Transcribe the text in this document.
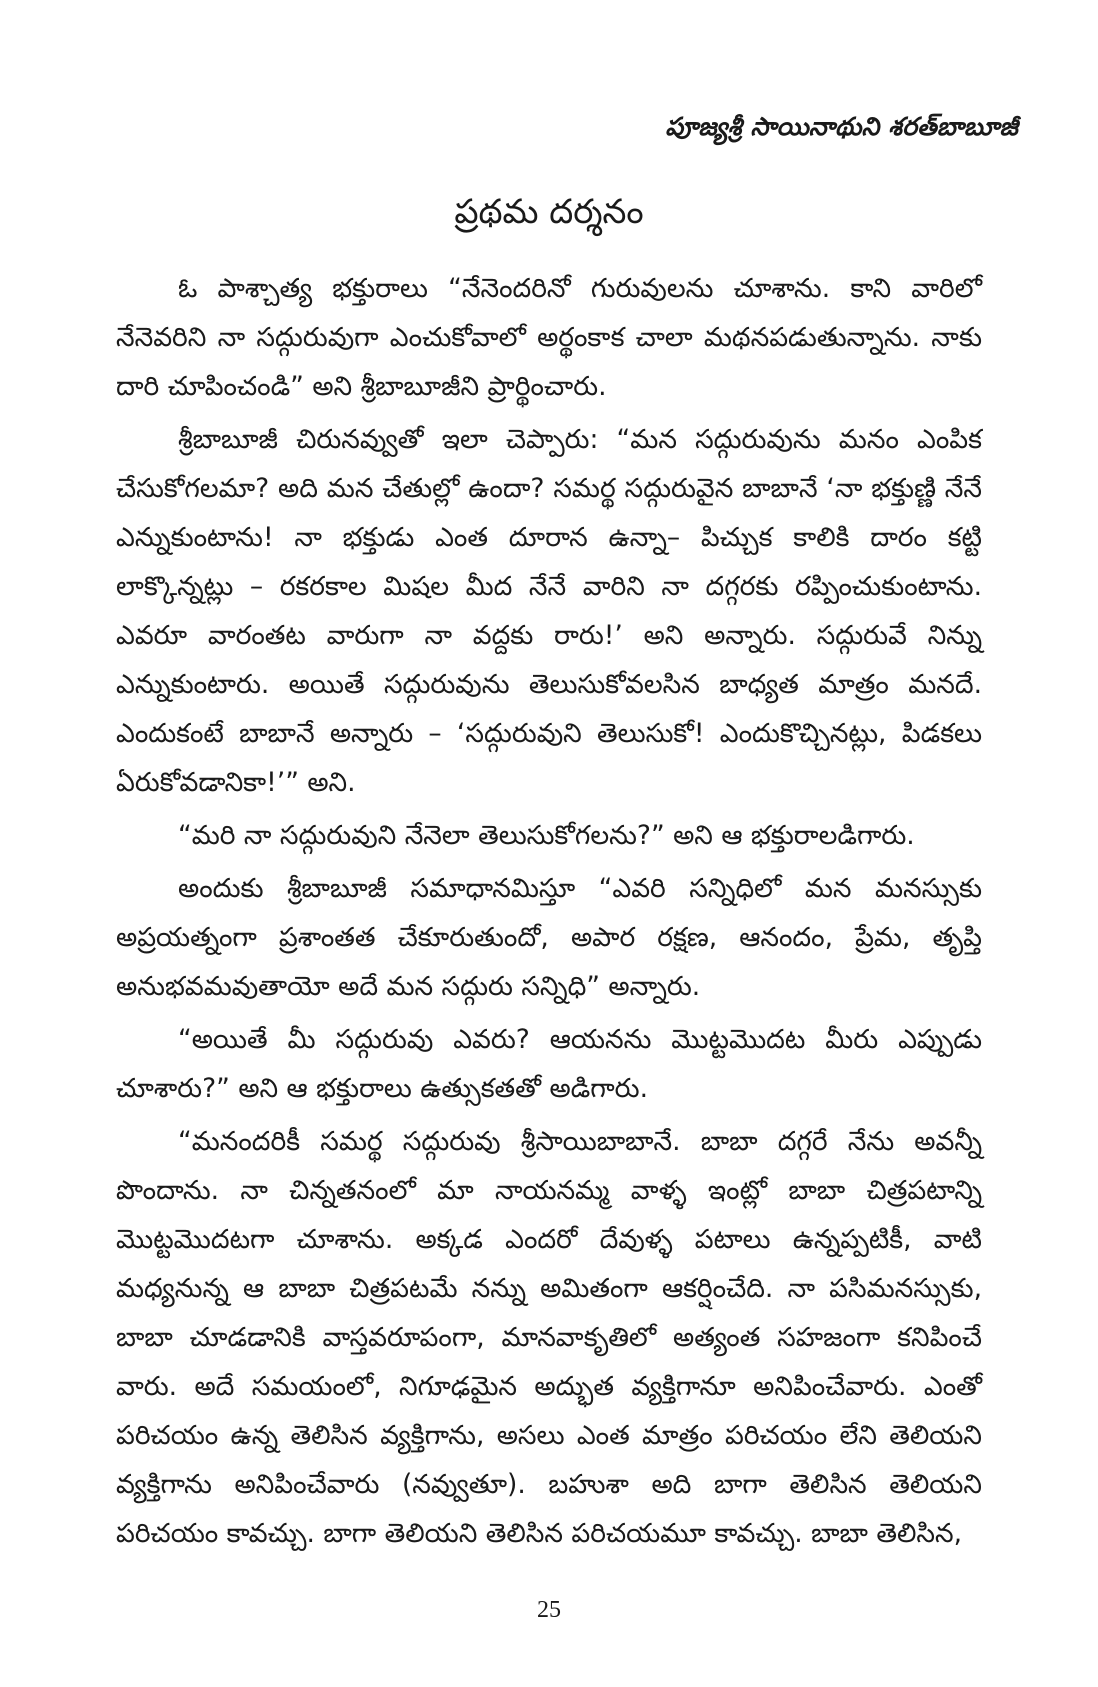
పూజ్యశ్రీ సాయినాథుని శరత్‌బాబూజీ
ప్రథమ దర్శనం

ఓ పాశ్చాత్య భక్తురాలు “నేనెందరినో గురువులను చూశాను. కాని వారిలో నేనెవరిని నా సద్గురువుగా ఎంచుకోవాలో అర్థంకాక చాలా మథనపడుతున్నాను. నాకు దారి చూపించండి” అని శ్రీబాబూజీని ప్రార్థించారు.

శ్రీబాబూజీ చిరునవ్వుతో ఇలా చెప్పారు: “మన సద్గురువును మనం ఎంపిక చేసుకోగలమా? అది మన చేతుల్లో ఉందా? సమర్థ సద్గురువైన బాబానే ‘నా భక్తుణ్ణి నేనే ఎన్నుకుంటాను! నా భక్తుడు ఎంత దూరాన ఉన్నా– పిచ్చుక కాలికి దారం కట్టి లాక్కొన్నట్లు – రకరకాల మిషల మీద నేనే వారిని నా దగ్గరకు రప్పించుకుంటాను. ఎవరూ వారంతట వారుగా నా వద్దకు రారు!’ అని అన్నారు. సద్గురువే నిన్ను ఎన్నుకుంటారు. అయితే సద్గురువును తెలుసుకోవలసిన బాధ్యత మాత్రం మనదే. ఎందుకంటే బాబానే అన్నారు – ‘సద్గురువుని తెలుసుకో! ఎందుకొచ్చినట్లు, పిడకలు ఏరుకోవడానికా!’” అని.

“మరి నా సద్గురువుని నేనెలా తెలుసుకోగలను?” అని ఆ భక్తురాలడిగారు.

అందుకు శ్రీబాబూజీ సమాధానమిస్తూ “ఎవరి సన్నిధిలో మన మనస్సుకు అప్రయత్నంగా ప్రశాంతత చేకూరుతుందో, అపార రక్షణ, ఆనందం, ప్రేమ, తృప్తి అనుభవమవుతాయో అదే మన సద్గురు సన్నిధి” అన్నారు.

“అయితే మీ సద్గురువు ఎవరు? ఆయనను మొట్టమొదట మీరు ఎప్పుడు చూశారు?” అని ఆ భక్తురాలు ఉత్సుకతతో అడిగారు.

“మనందరికీ సమర్థ సద్గురువు శ్రీసాయిబాబానే. బాబా దగ్గరే నేను అవన్నీ పొందాను. నా చిన్నతనంలో మా నాయనమ్మ వాళ్ళ ఇంట్లో బాబా చిత్రపటాన్ని మొట్టమొదటగా చూశాను. అక్కడ ఎందరో దేవుళ్ళ పటాలు ఉన్నప్పటికీ, వాటి మధ్యనున్న ఆ బాబా చిత్రపటమే నన్ను అమితంగా ఆకర్షించేది. నా పసిమనస్సుకు, బాబా చూడడానికి వాస్తవరూపంగా, మానవాకృతిలో అత్యంత సహజంగా కనిపించే వారు. అదే సమయంలో, నిగూఢమైన అద్భుత వ్యక్తిగానూ అనిపించేవారు. ఎంతో పరిచయం ఉన్న తెలిసిన వ్యక్తిగాను, అసలు ఎంత మాత్రం పరిచయం లేని తెలియని వ్యక్తిగాను అనిపించేవారు (నవ్వుతూ). బహుశా అది బాగా తెలిసిన తెలియని పరిచయం కావచ్చు. బాగా తెలియని తెలిసిన పరిచయమూ కావచ్చు. బాబా తెలిసిన,

25
